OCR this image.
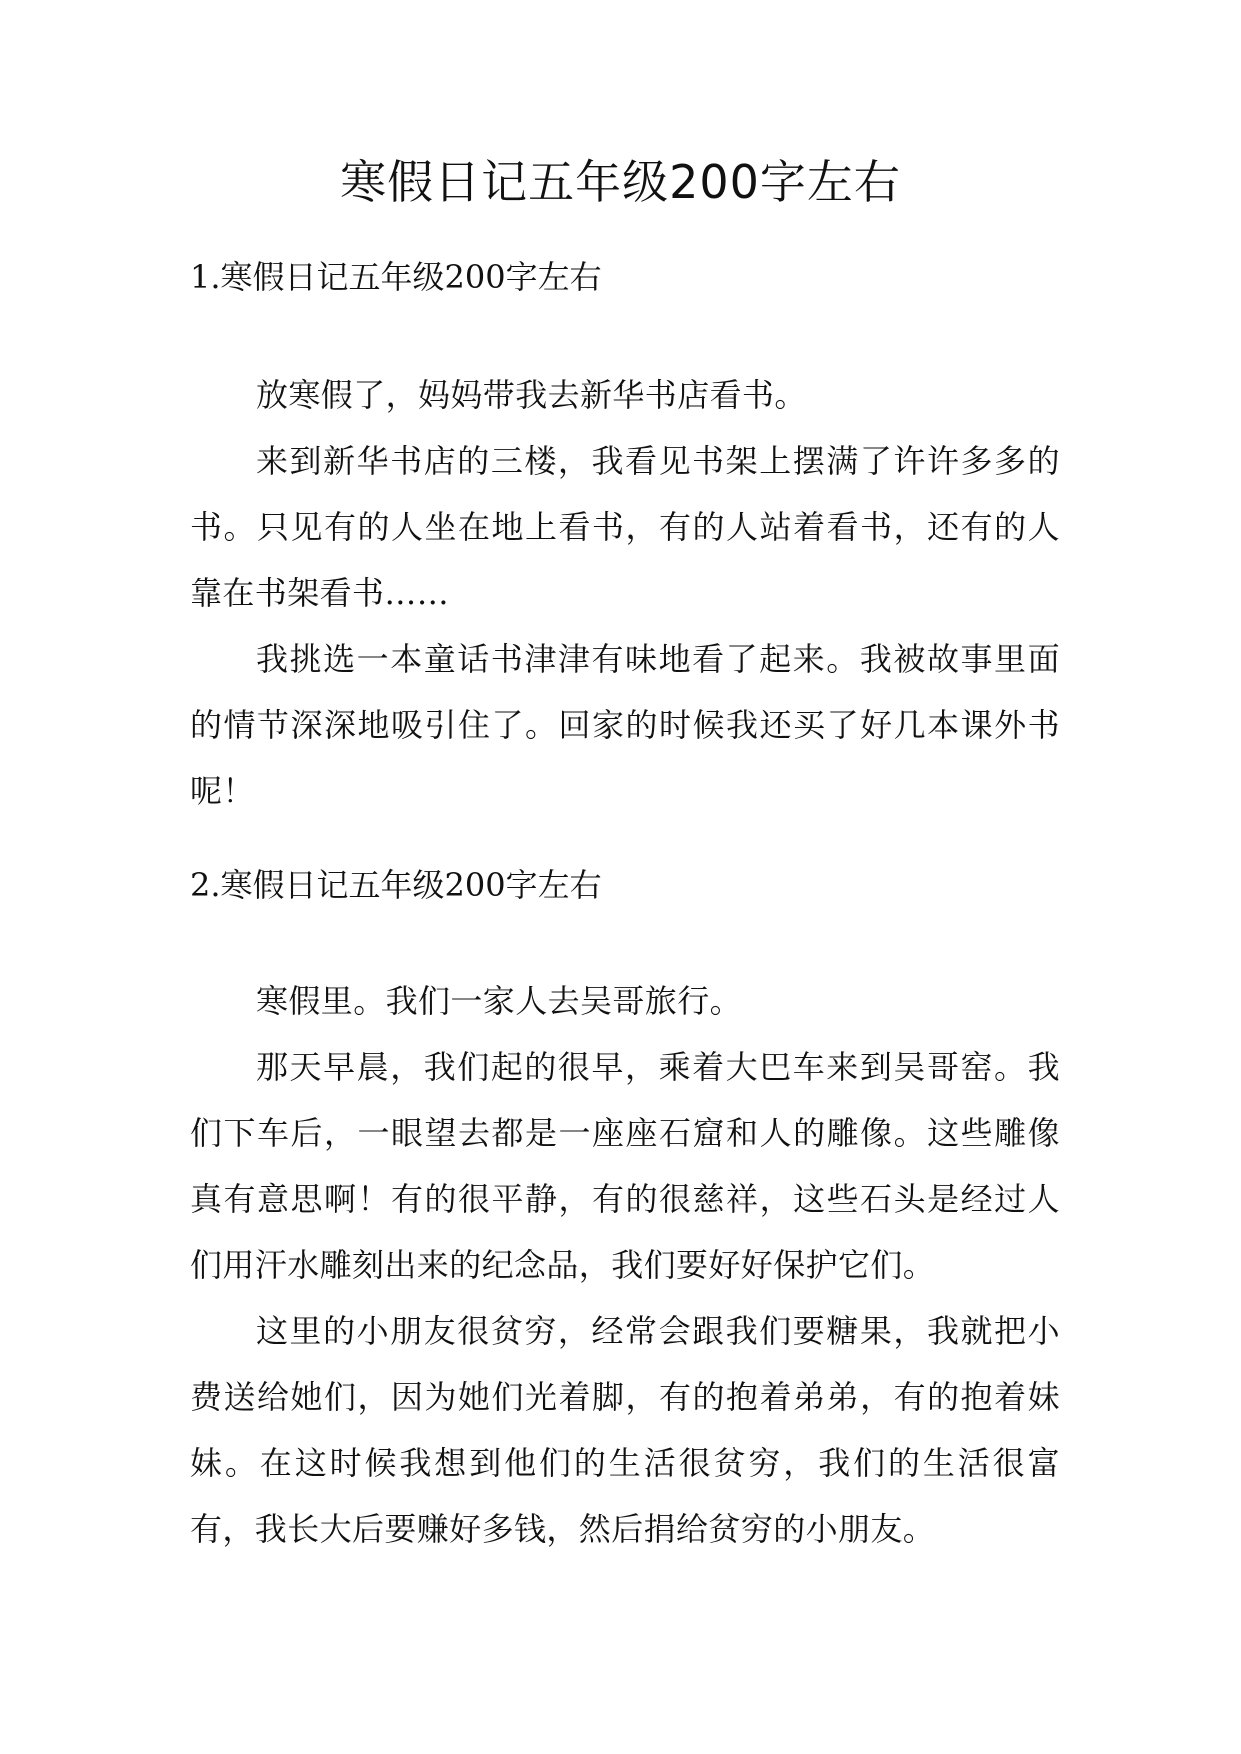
寒假日记五年级200字左右
1.寒假日记五年级200字左右

放寒假了，妈妈带我去新华书店看书。

来到新华书店的三楼，我看见书架上摆满了许许多多的书。只见有的人坐在地上看书，有的人站着看书，还有的人靠在书架看书……

我挑选一本童话书津津有味地看了起来。我被故事里面的情节深深地吸引住了。回家的时候我还买了好几本课外书呢！

2.寒假日记五年级200字左右

寒假里。我们一家人去吴哥旅行。

那天早晨，我们起的很早，乘着大巴车来到吴哥窑。我们下车后，一眼望去都是一座座石窟和人的雕像。这些雕像真有意思啊！有的很平静，有的很慈祥，这些石头是经过人们用汗水雕刻出来的纪念品，我们要好好保护它们。

这里的小朋友很贫穷，经常会跟我们要糖果，我就把小费送给她们，因为她们光着脚，有的抱着弟弟，有的抱着妹妹。在这时候我想到他们的生活很贫穷，我们的生活很富有，我长大后要赚好多钱，然后捐给贫穷的小朋友。
